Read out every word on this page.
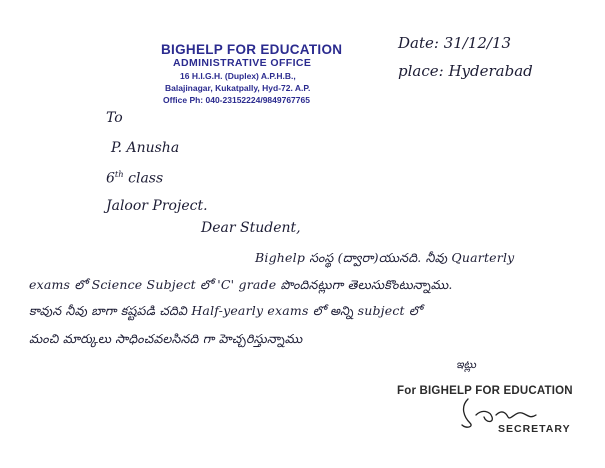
BIGHELP FOR EDUCATION
ADMINISTRATIVE OFFICE
16 H.I.G.H. (Duplex) A.P.H.B.,
Balajinagar, Kukatpally, Hyd-72. A.P.
Office Ph: 040-23152224/9849767765
Date: 31/12/13
place: Hyderabad
To
P. Anusha
6th class
Jaloor Project.
Dear Student,
Bighelp సంస్థ (ద్వారా)యునది. నీవు Quarterly
exams లో Science Subject లో 'C' grade పొందినట్లుగా తెలుసుకొంటున్నాము.
కావున నీవు బాగా కష్టపడి చదివి Half-yearly exams లో అన్ని subject లో
మంచి మార్కులు సాధించవలసినది గా హెచ్చరిస్తున్నాము
ఇట్లు
For BIGHELP FOR EDUCATION
SECRETARY
